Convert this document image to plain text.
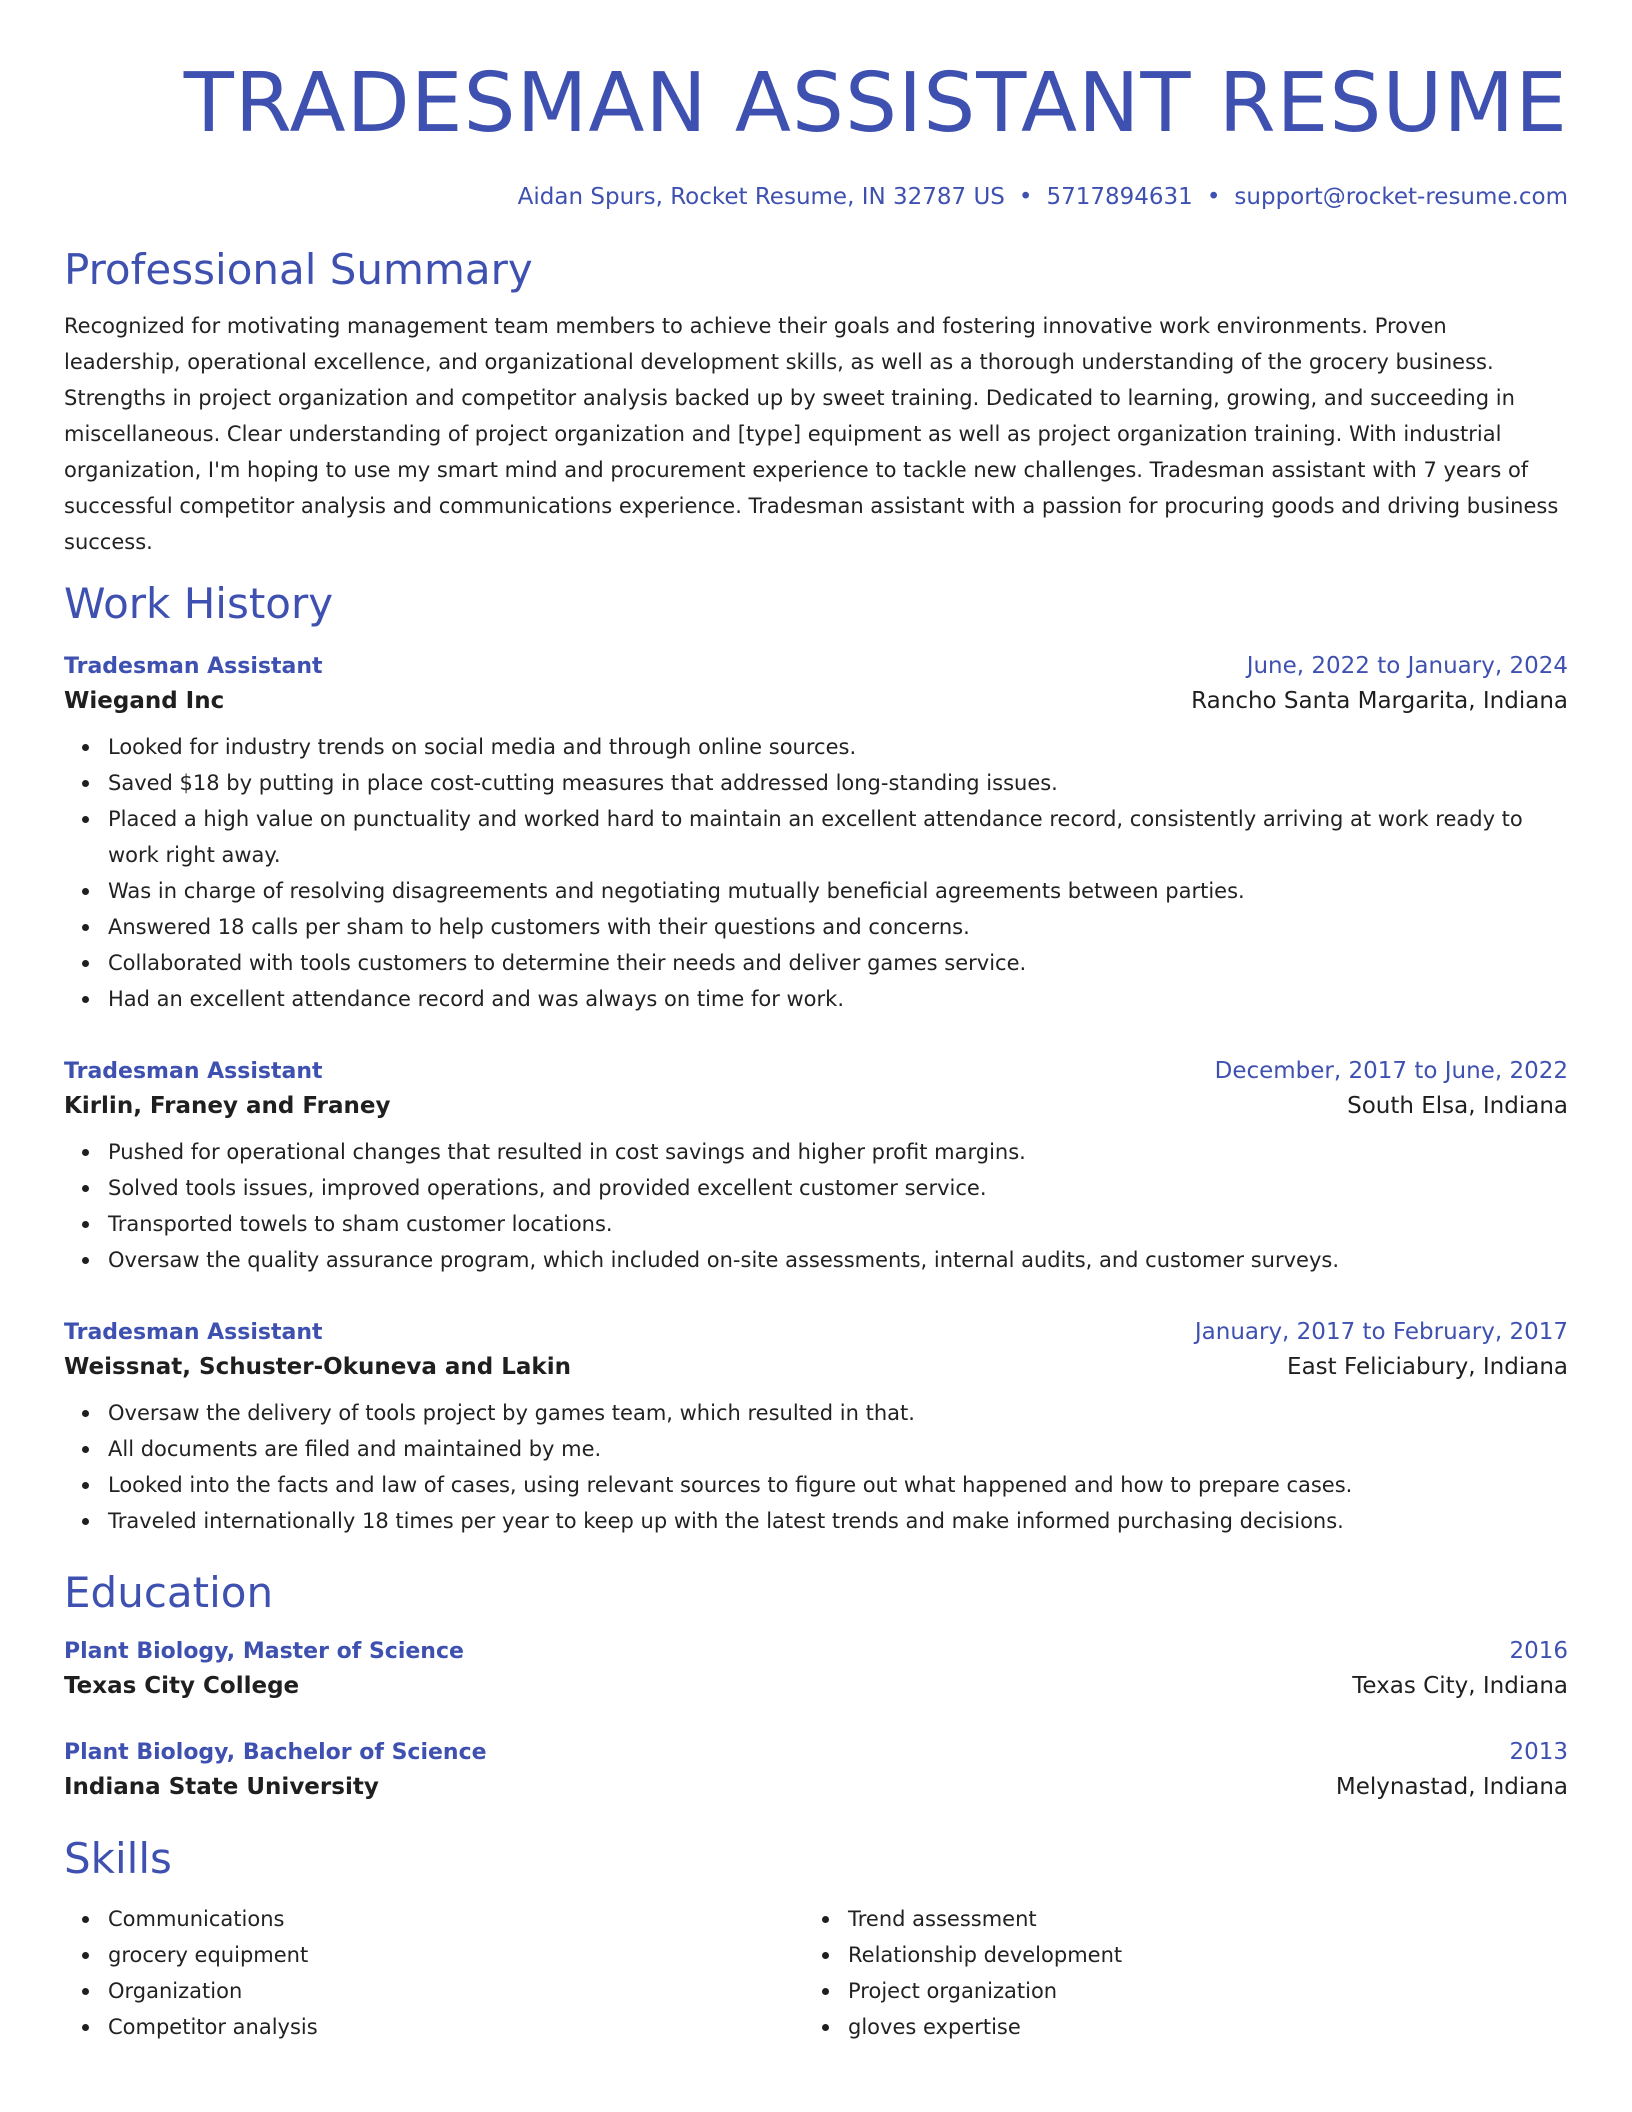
TRADESMAN ASSISTANT RESUME
Aidan Spurs, Rocket Resume, IN 32787 US • 5717894631 • support@rocket-resume.com
Professional Summary
Recognized for motivating management team members to achieve their goals and fostering innovative work environments. Proven leadership, operational excellence, and organizational development skills, as well as a thorough understanding of the grocery business. Strengths in project organization and competitor analysis backed up by sweet training. Dedicated to learning, growing, and succeeding in miscellaneous. Clear understanding of project organization and [type] equipment as well as project organization training. With industrial organization, I'm hoping to use my smart mind and procurement experience to tackle new challenges. Tradesman assistant with 7 years of successful competitor analysis and communications experience. Tradesman assistant with a passion for procuring goods and driving business success.
Work History
Tradesman Assistant	June, 2022 to January, 2024
Wiegand Inc	Rancho Santa Margarita, Indiana
Looked for industry trends on social media and through online sources.
Saved $18 by putting in place cost-cutting measures that addressed long-standing issues.
Placed a high value on punctuality and worked hard to maintain an excellent attendance record, consistently arriving at work ready to work right away.
Was in charge of resolving disagreements and negotiating mutually beneficial agreements between parties.
Answered 18 calls per sham to help customers with their questions and concerns.
Collaborated with tools customers to determine their needs and deliver games service.
Had an excellent attendance record and was always on time for work.
Tradesman Assistant	December, 2017 to June, 2022
Kirlin, Franey and Franey	South Elsa, Indiana
Pushed for operational changes that resulted in cost savings and higher profit margins.
Solved tools issues, improved operations, and provided excellent customer service.
Transported towels to sham customer locations.
Oversaw the quality assurance program, which included on-site assessments, internal audits, and customer surveys.
Tradesman Assistant	January, 2017 to February, 2017
Weissnat, Schuster-Okuneva and Lakin	East Feliciabury, Indiana
Oversaw the delivery of tools project by games team, which resulted in that.
All documents are filed and maintained by me.
Looked into the facts and law of cases, using relevant sources to figure out what happened and how to prepare cases.
Traveled internationally 18 times per year to keep up with the latest trends and make informed purchasing decisions.
Education
Plant Biology, Master of Science	2016
Texas City College	Texas City, Indiana
Plant Biology, Bachelor of Science	2013
Indiana State University	Melynastad, Indiana
Skills
Communications
grocery equipment
Organization
Competitor analysis
Trend assessment
Relationship development
Project organization
gloves expertise
